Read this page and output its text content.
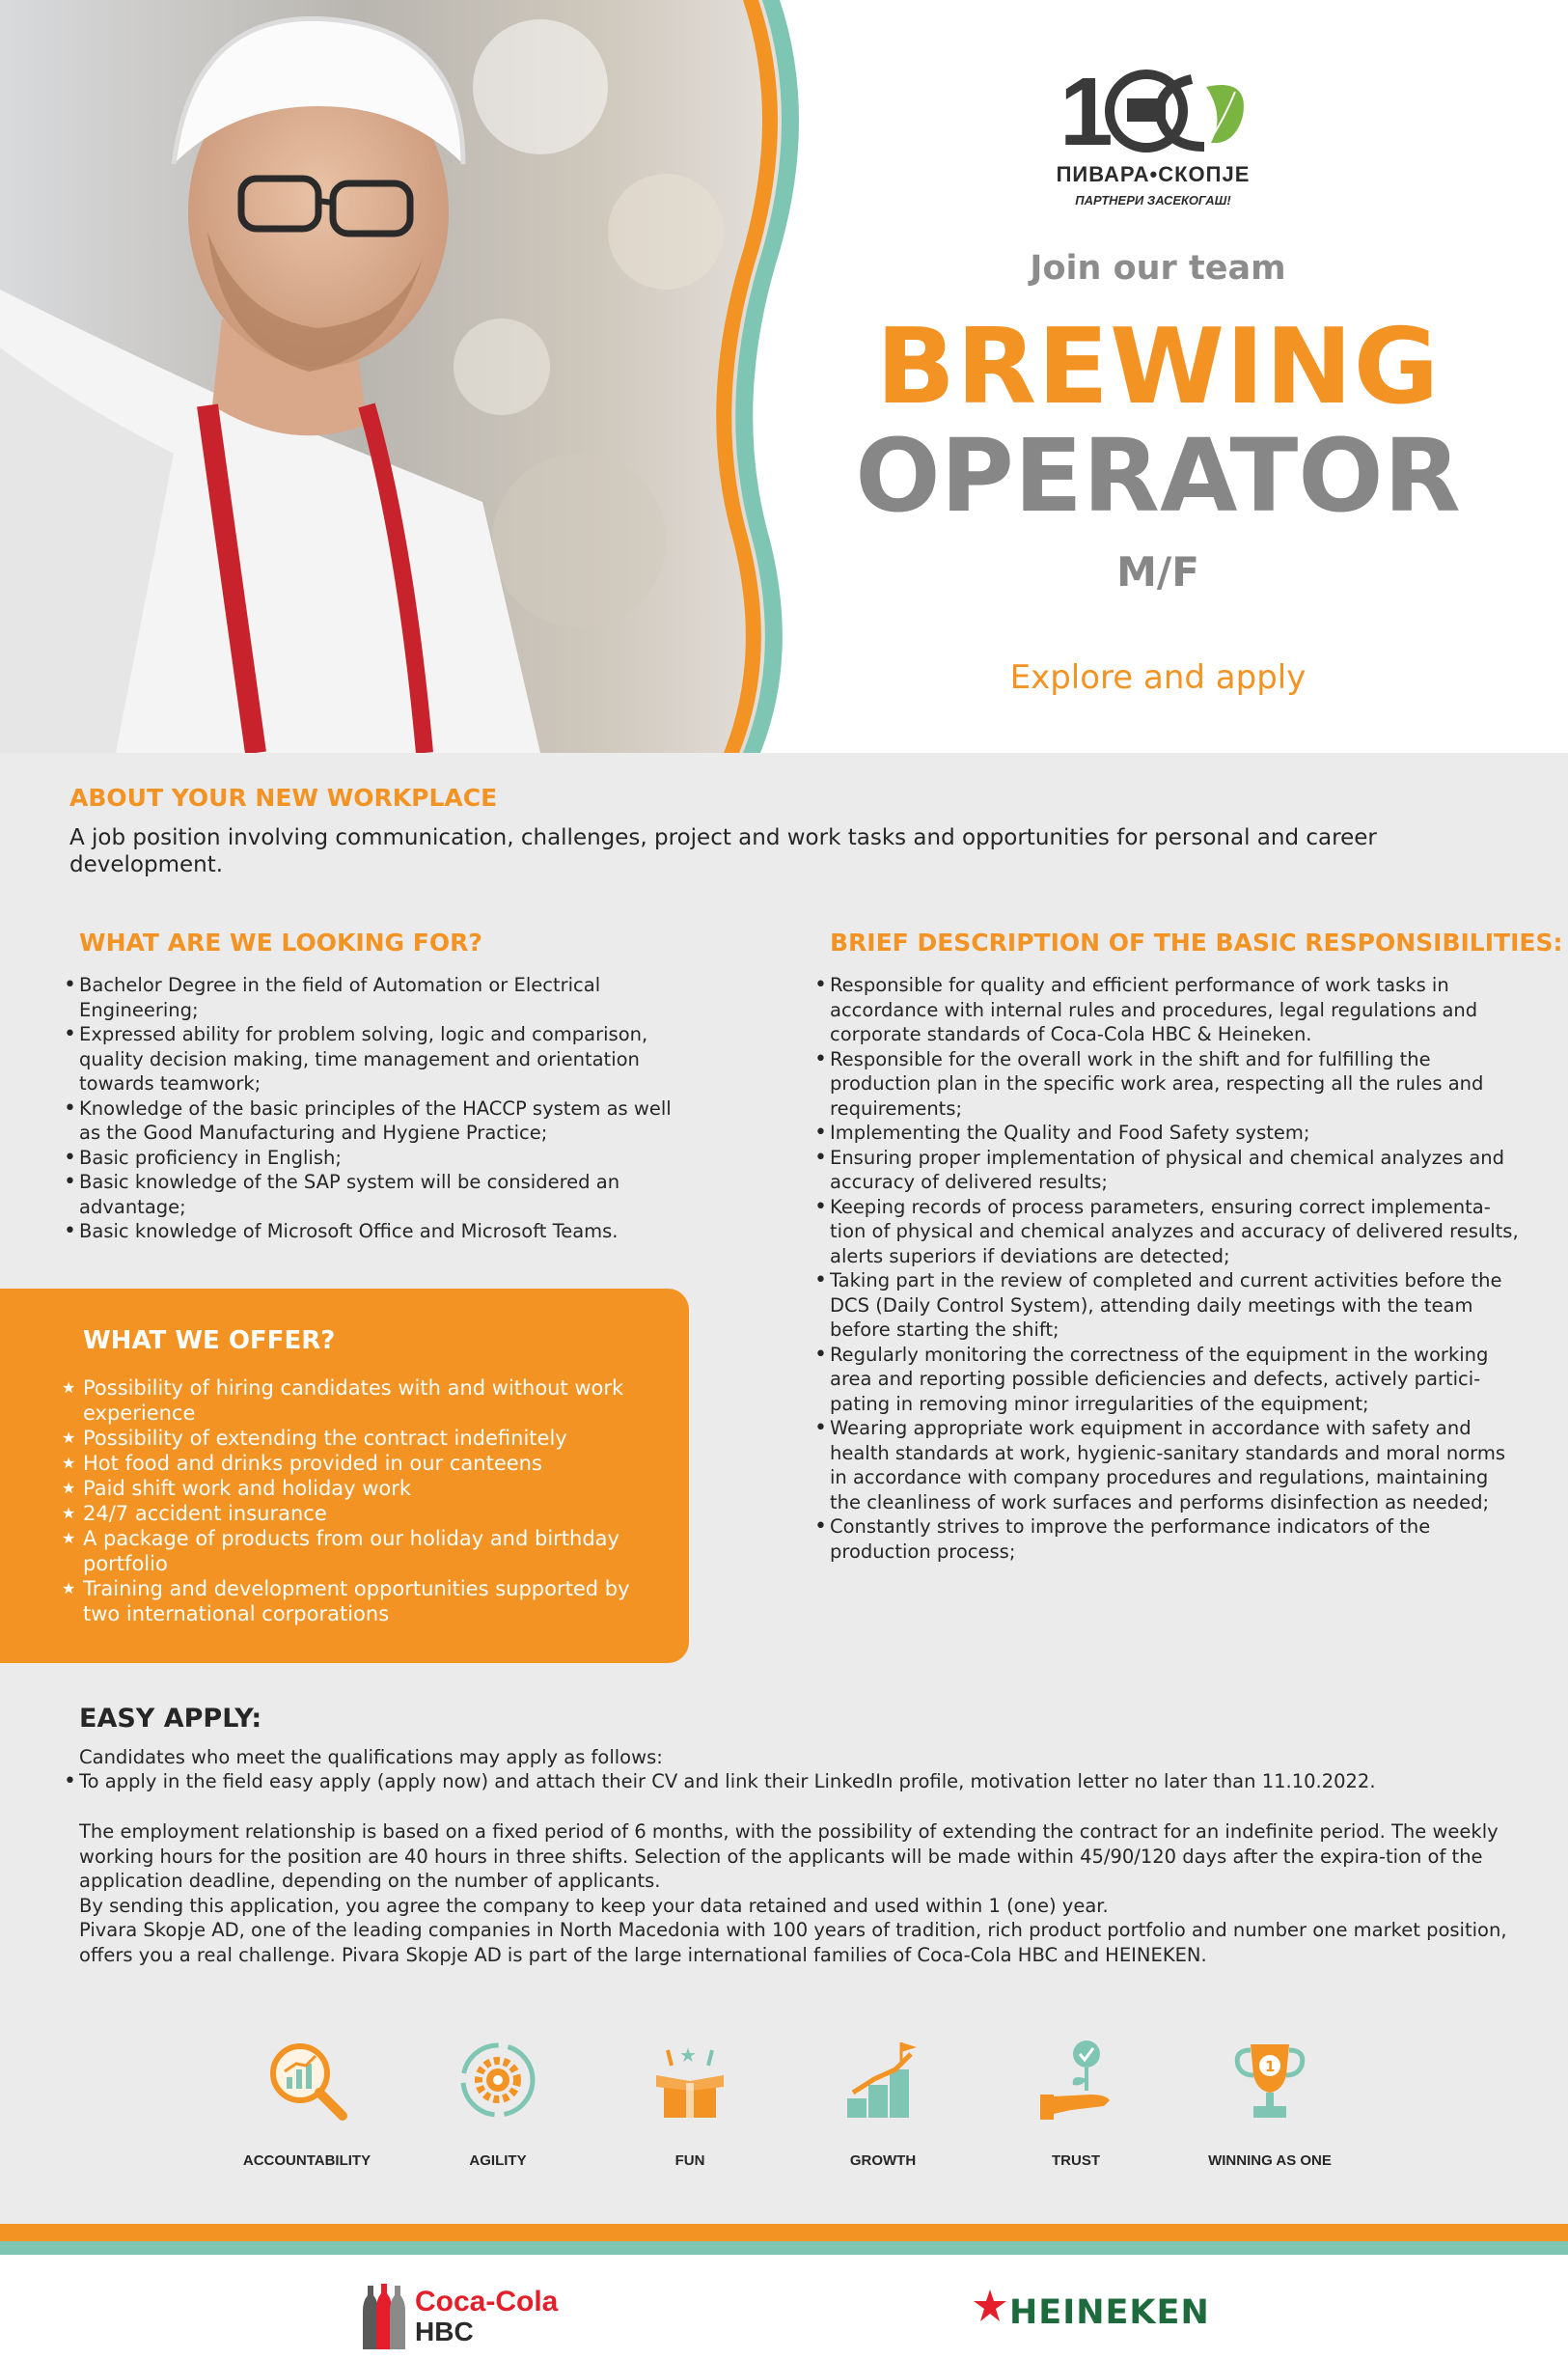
1
ПИВАРА•СКОПЈЕ
ПАРТНЕРИ ЗАСЕКОГАШ!
Join our team
BREWING
OPERATOR
M/F
Explore and apply
ABOUT YOUR NEW WORKPLACE
A job position involving communication, challenges, project and work tasks and opportunities for personal and career development.
WHAT ARE WE LOOKING FOR?
• Bachelor Degree in the field of Automation or Electrical Engineering;
• Expressed ability for problem solving, logic and comparison, quality decision making, time management and orientation towards teamwork;
• Knowledge of the basic principles of the HACCP system as well as the Good Manufacturing and Hygiene Practice;
• Basic proficiency in English;
• Basic knowledge of the SAP system will be considered an advantage;
• Basic knowledge of Microsoft Office and Microsoft Teams.
BRIEF DESCRIPTION OF THE BASIC RESPONSIBILITIES:
• Responsible for quality and efficient performance of work tasks in accordance with internal rules and procedures, legal regulations and corporate standards of Coca-Cola HBC & Heineken.
• Responsible for the overall work in the shift and for fulfilling the production plan in the specific work area, respecting all the rules and requirements;
• Implementing the Quality and Food Safety system;
• Ensuring proper implementation of physical and chemical analyzes and accuracy of delivered results;
• Keeping records of process parameters, ensuring correct implementa-tion of physical and chemical analyzes and accuracy of delivered results, alerts superiors if deviations are detected;
• Taking part in the review of completed and current activities before the DCS (Daily Control System), attending daily meetings with the team before starting the shift;
• Regularly monitoring the correctness of the equipment in the working area and reporting possible deficiencies and defects, actively partici-pating in removing minor irregularities of the equipment;
• Wearing appropriate work equipment in accordance with safety and health standards at work, hygienic-sanitary standards and moral norms in accordance with company procedures and regulations, maintaining the cleanliness of work surfaces and performs disinfection as needed;
• Constantly strives to improve the performance indicators of the production process;
WHAT WE OFFER?
★ Possibility of hiring candidates with and without work experience
★ Possibility of extending the contract indefinitely
★ Hot food and drinks provided in our canteens
★ Paid shift work and holiday work
★ 24/7 accident insurance
★ A package of products from our holiday and birthday portfolio
★ Training and development opportunities supported by two international corporations
EASY APPLY:
Candidates who meet the qualifications may apply as follows:
• To apply in the field easy apply (apply now) and attach their CV and link their LinkedIn profile, motivation letter no later than 11.10.2022.

The employment relationship is based on a fixed period of 6 months, with the possibility of extending the contract for an indefinite period. The weekly working hours for the position are 40 hours in three shifts. Selection of the applicants will be made within 45/90/120 days after the expira-tion of the application deadline, depending on the number of applicants.

By sending this application, you agree the company to keep your data retained and used within 1 (one) year.

Pivara Skopje AD, one of the leading companies in North Macedonia with 100 years of tradition, rich product portfolio and number one market position, offers you a real challenge. Pivara Skopje AD is part of the large international families of Coca-Cola HBC and HEINEKEN.

ACCOUNTABILITY	AGILITY
★
FUN	GROWTH	TRUST
1
WINNING AS ONE
Coca-Cola
HBC	HEINEKEN
